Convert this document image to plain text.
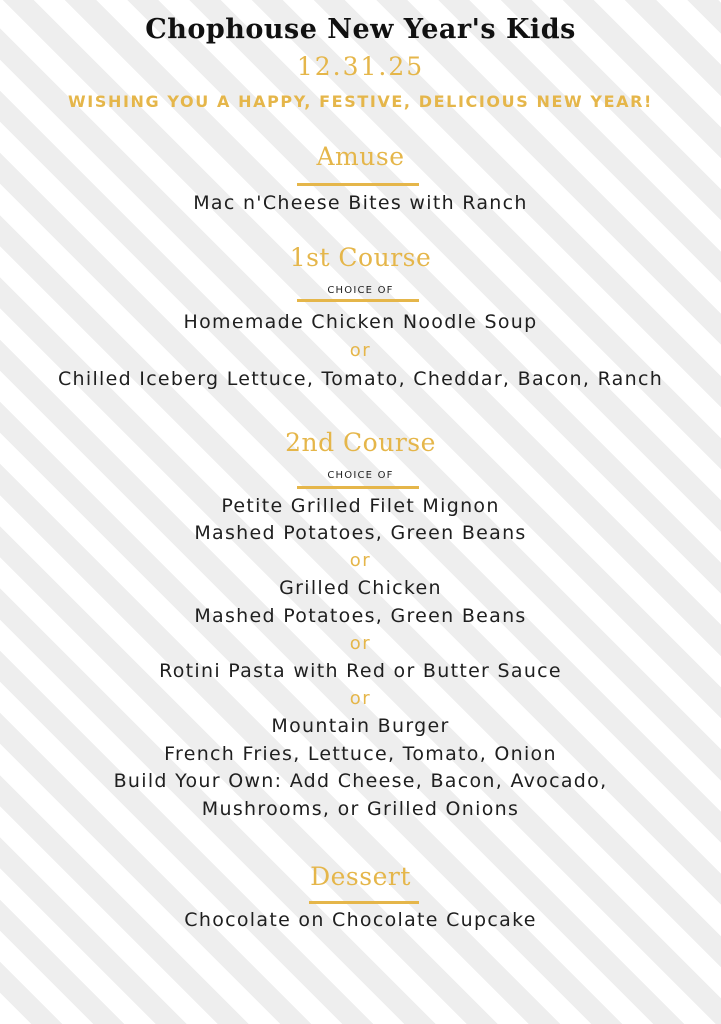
Chophouse New Year's Kids
12.31.25
WISHING YOU A HAPPY, FESTIVE, DELICIOUS NEW YEAR!
Amuse
Mac n'Cheese Bites with Ranch
1st Course
CHOICE OF
Homemade Chicken Noodle Soup
or
Chilled Iceberg Lettuce, Tomato, Cheddar, Bacon, Ranch
2nd Course
CHOICE OF
Petite Grilled Filet Mignon
Mashed Potatoes, Green Beans
or
Grilled Chicken
Mashed Potatoes, Green Beans
or
Rotini Pasta with Red or Butter Sauce
or
Mountain Burger
French Fries, Lettuce, Tomato, Onion
Build Your Own: Add Cheese, Bacon, Avocado,
Mushrooms, or Grilled Onions
Dessert
Chocolate on Chocolate Cupcake
